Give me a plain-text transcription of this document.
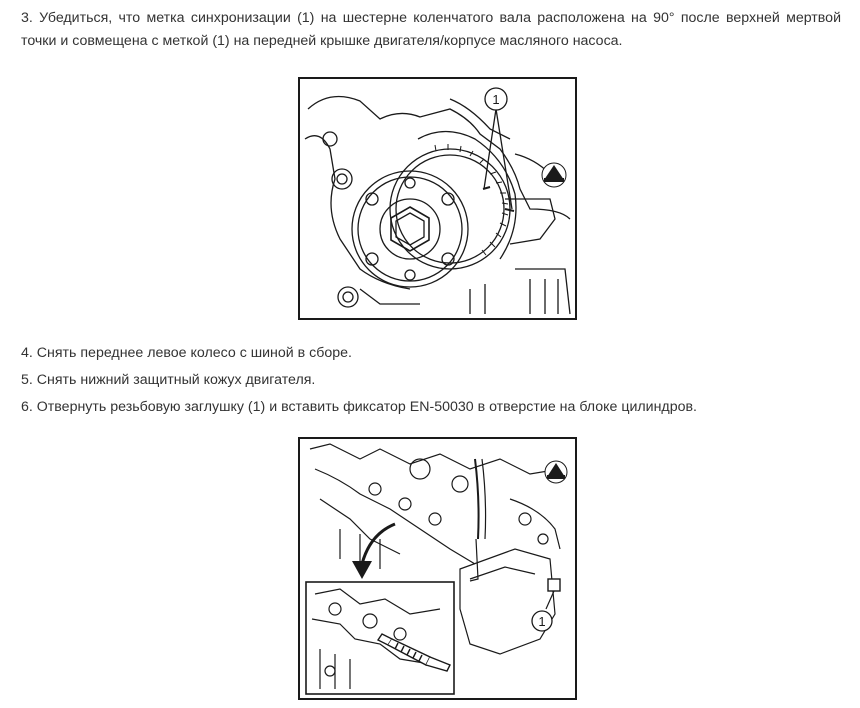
3. Убедиться, что метка синхронизации (1) на шестерне коленчатого вала расположена на 90° после верхней мертвой точки и совмещена с меткой (1) на передней крышке двигателя/корпусе масляного насоса.

1

4. Снять переднее левое колесо с шиной в сборе.

5. Снять нижний защитный кожух двигателя.

6. Отвернуть резьбовую заглушку (1) и вставить фиксатор EN-50030 в отверстие на блоке цилиндров.

1
